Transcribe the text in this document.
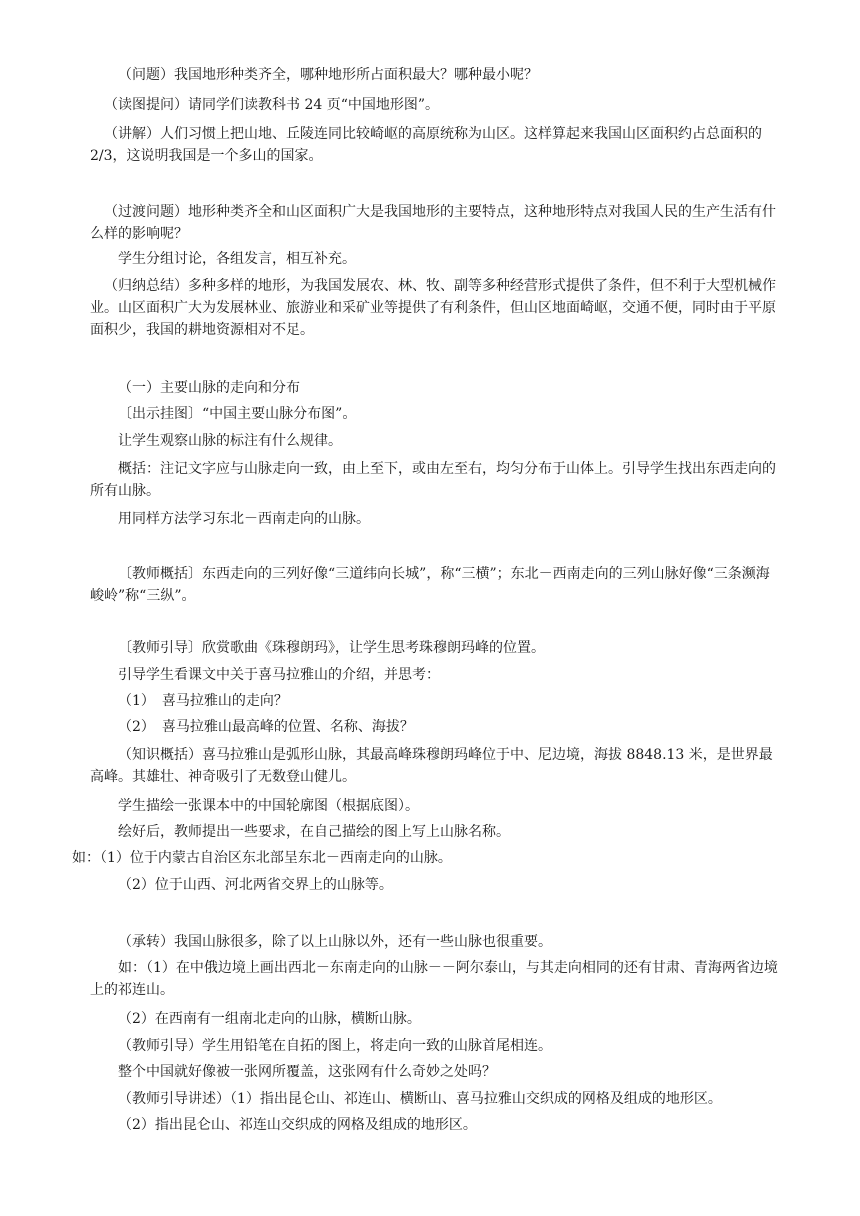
（问题）我国地形种类齐全，哪种地形所占面积最大？哪种最小呢？

（读图提问）请同学们读教科书 24 页“中国地形图”。

（讲解）人们习惯上把山地、丘陵连同比较崎岖的高原统称为山区。这样算起来我国山区面积约占总面积的 2/3，这说明我国是一个多山的国家。

（过渡问题）地形种类齐全和山区面积广大是我国地形的主要特点，这种地形特点对我国人民的生产生活有什么样的影响呢？

学生分组讨论，各组发言，相互补充。

（归纳总结）多种多样的地形，为我国发展农、林、牧、副等多种经营形式提供了条件，但不利于大型机械作业。山区面积广大为发展林业、旅游业和采矿业等提供了有利条件，但山区地面崎岖，交通不便，同时由于平原面积少，我国的耕地资源相对不足。

（一）主要山脉的走向和分布

〔出示挂图〕“中国主要山脉分布图”。

让学生观察山脉的标注有什么规律。

概括：注记文字应与山脉走向一致，由上至下，或由左至右，均匀分布于山体上。引导学生找出东西走向的所有山脉。

用同样方法学习东北－西南走向的山脉。

〔教师概括〕东西走向的三列好像“三道纬向长城”，称“三横”；东北－西南走向的三列山脉好像“三条濒海峻岭”称“三纵”。

〔教师引导〕欣赏歌曲《珠穆朗玛》，让学生思考珠穆朗玛峰的位置。

引导学生看课文中关于喜马拉雅山的介绍，并思考：

（1）　喜马拉雅山的走向？

（2）　喜马拉雅山最高峰的位置、名称、海拔？

（知识概括）喜马拉雅山是弧形山脉，其最高峰珠穆朗玛峰位于中、尼边境，海拔 8848.13 米，是世界最高峰。其雄壮、神奇吸引了无数登山健儿。

学生描绘一张课本中的中国轮廓图（根据底图）。

绘好后，教师提出一些要求，在自己描绘的图上写上山脉名称。

如：（1）位于内蒙古自治区东北部呈东北－西南走向的山脉。

（2）位于山西、河北两省交界上的山脉等。

（承转）我国山脉很多，除了以上山脉以外，还有一些山脉也很重要。

如：（1）在中俄边境上画出西北－东南走向的山脉－－阿尔泰山，与其走向相同的还有甘肃、青海两省边境上的祁连山。

（2）在西南有一组南北走向的山脉，横断山脉。

（教师引导）学生用铅笔在自拓的图上，将走向一致的山脉首尾相连。

整个中国就好像被一张网所覆盖，这张网有什么奇妙之处吗？

（教师引导讲述）（1）指出昆仑山、祁连山、横断山、喜马拉雅山交织成的网格及组成的地形区。

（2）指出昆仑山、祁连山交织成的网格及组成的地形区。
